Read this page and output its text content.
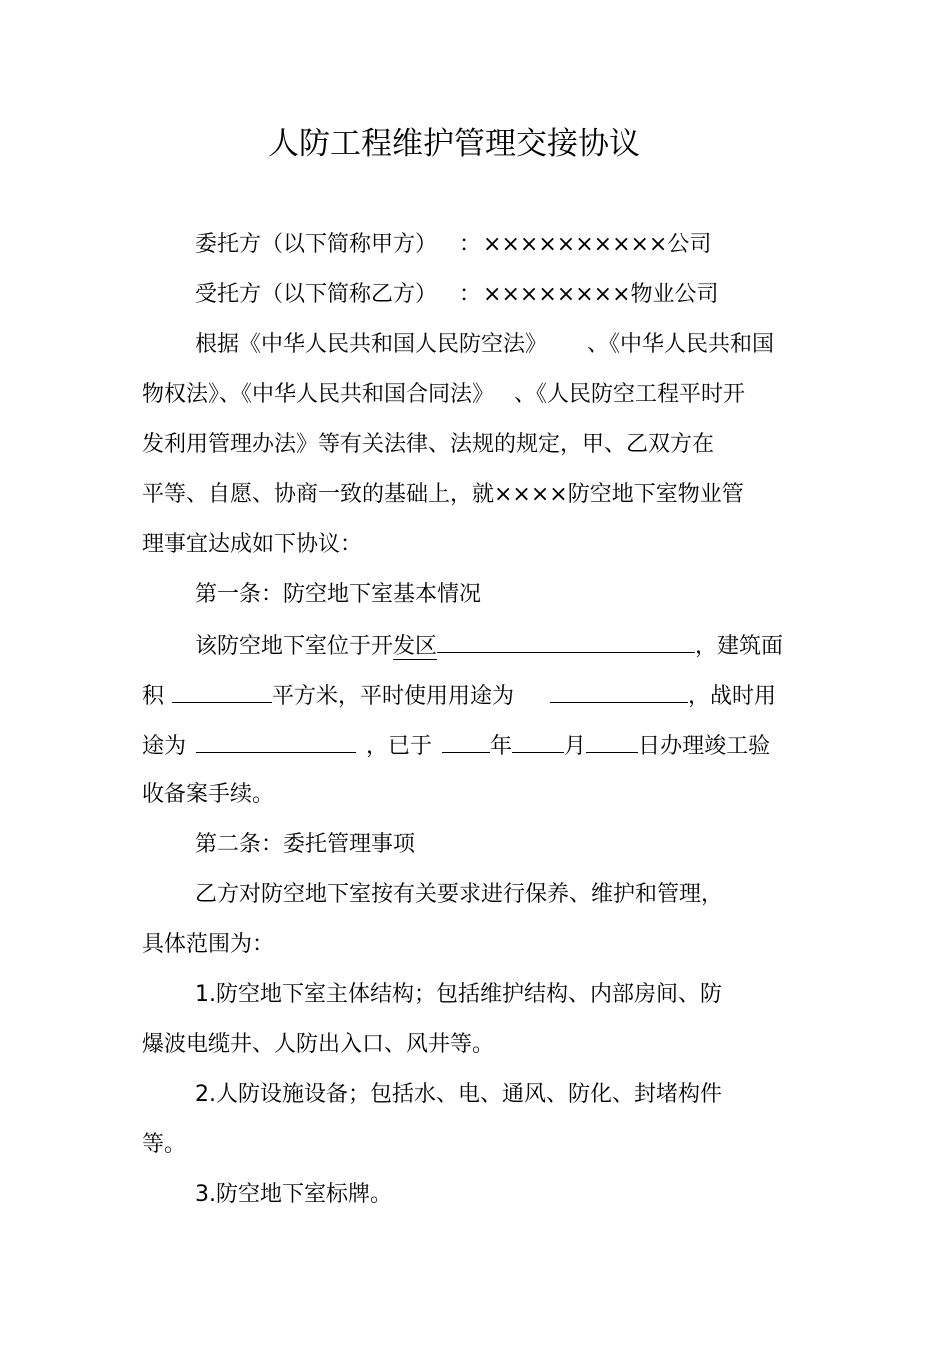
人防工程维护管理交接协议
委托方（以下简称甲方） ：××××××××××公司
受托方（以下简称乙方） ：××××××××物业公司
根据《中华人民共和国人民防空法》 、《中华人民共和国
物权法》、《中华人民共和国合同法》 、《人民防空工程平时开
发利用管理办法》等有关法律、法规的规定，甲、乙双方在
平等、自愿、协商一致的基础上，就××××防空地下室物业管
理事宜达成如下协议：
第一条：防空地下室基本情况
该防空地下室位于开发区	，建筑面
积	平方米，平时使用用途为	，战时用
途为	，已于	年 月 日办理竣工验
收备案手续。
第二条：委托管理事项
乙方对防空地下室按有关要求进行保养、维护和管理，
具体范围为：
1.防空地下室主体结构；包括维护结构、内部房间、防
爆波电缆井、人防出入口、风井等。
2.人防设施设备；包括水、电、通风、防化、封堵构件
等。
3.防空地下室标牌。
